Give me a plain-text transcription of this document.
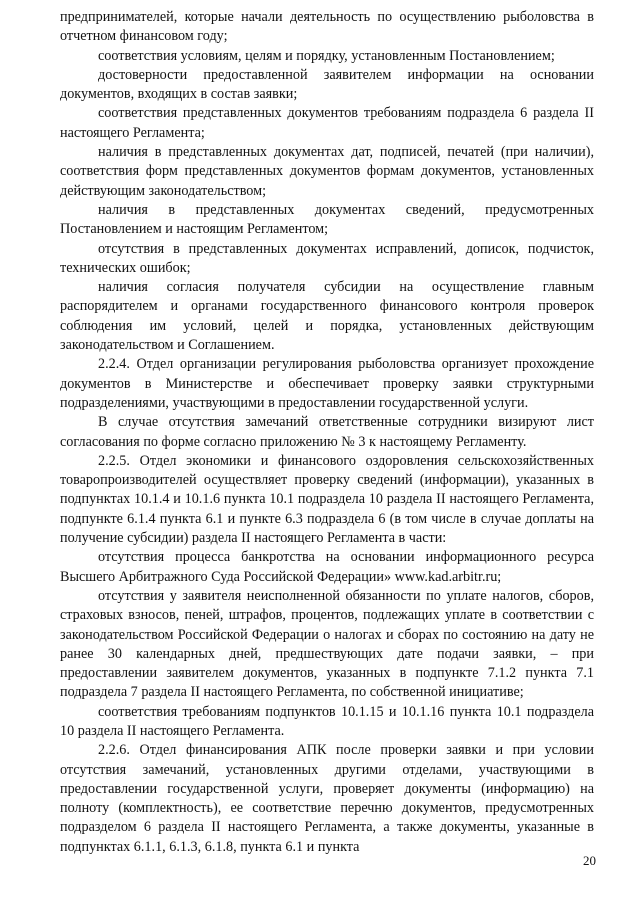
предпринимателей, которые начали деятельность по осуществлению рыболовства в отчетном финансовом году;

соответствия условиям, целям и порядку, установленным Постановлением;

достоверности предоставленной заявителем информации на основании документов, входящих в состав заявки;

соответствия представленных документов требованиям подраздела 6 раздела II настоящего Регламента;

наличия в представленных документах дат, подписей, печатей (при наличии), соответствия форм представленных документов формам документов, установленных действующим законодательством;

наличия в представленных документах сведений, предусмотренных Постановлением и настоящим Регламентом;

отсутствия в представленных документах исправлений, дописок, подчисток, технических ошибок;

наличия согласия получателя субсидии на осуществление главным распорядителем и органами государственного финансового контроля проверок соблюдения им условий, целей и порядка, установленных действующим законодательством и Соглашением.

2.2.4. Отдел организации регулирования рыболовства организует прохождение документов в Министерстве и обеспечивает проверку заявки структурными подразделениями, участвующими в предоставлении государственной услуги.

В случае отсутствия замечаний ответственные сотрудники визируют лист согласования по форме согласно приложению № 3 к настоящему Регламенту.

2.2.5. Отдел экономики и финансового оздоровления сельскохозяйственных товаропроизводителей осуществляет проверку сведений (информации), указанных в подпунктах 10.1.4 и 10.1.6 пункта 10.1 подраздела 10 раздела II настоящего Регламента, подпункте 6.1.4 пункта 6.1 и пункте 6.3 подраздела 6 (в том числе в случае доплаты на получение субсидии) раздела II настоящего Регламента в части:

отсутствия процесса банкротства на основании информационного ресурса Высшего Арбитражного Суда Российской Федерации» www.kad.arbitr.ru;

отсутствия у заявителя неисполненной обязанности по уплате налогов, сборов, страховых взносов, пеней, штрафов, процентов, подлежащих уплате в соответствии с законодательством Российской Федерации о налогах и сборах по состоянию на дату не ранее 30 календарных дней, предшествующих дате подачи заявки, – при предоставлении заявителем документов, указанных в подпункте 7.1.2 пункта 7.1 подраздела 7 раздела II настоящего Регламента, по собственной инициативе;

соответствия требованиям подпунктов 10.1.15 и 10.1.16 пункта 10.1 подраздела 10 раздела II настоящего Регламента.

2.2.6. Отдел финансирования АПК после проверки заявки и при условии отсутствия замечаний, установленных другими отделами, участвующими в предоставлении государственной услуги, проверяет документы (информацию) на полноту (комплектность), ее соответствие перечню документов, предусмотренных подразделом 6 раздела II настоящего Регламента, а также документы, указанные в подпунктах 6.1.1, 6.1.3, 6.1.8, пункта 6.1 и пункта

20
